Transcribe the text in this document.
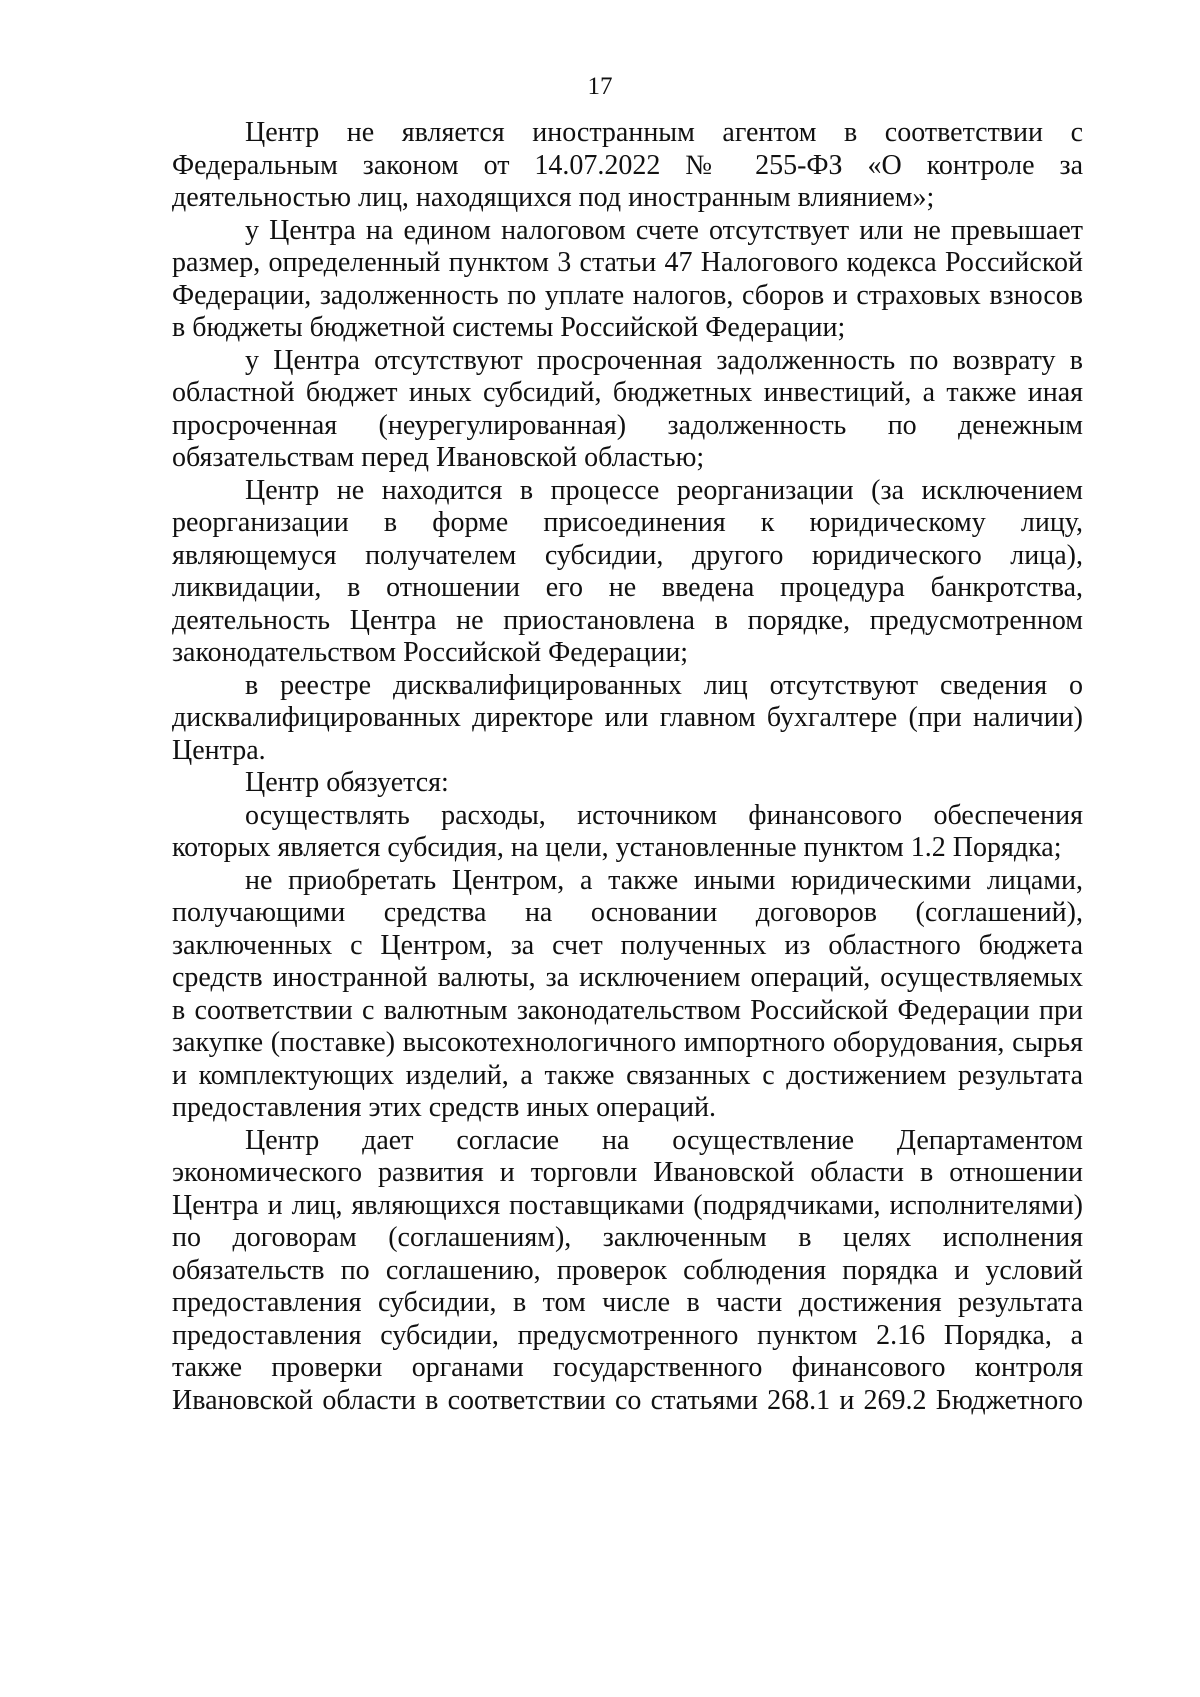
17

Центр не является иностранным агентом в соответствии с Федеральным законом от 14.07.2022 № 255-ФЗ «О контроле за деятельностью лиц, находящихся под иностранным влиянием»;

у Центра на едином налоговом счете отсутствует или не превышает размер, определенный пунктом 3 статьи 47 Налогового кодекса Российской Федерации, задолженность по уплате налогов, сборов и страховых взносов в бюджеты бюджетной системы Российской Федерации;

у Центра отсутствуют просроченная задолженность по возврату в областной бюджет иных субсидий, бюджетных инвестиций, а также иная просроченная (неурегулированная) задолженность по денежным обязательствам перед Ивановской областью;

Центр не находится в процессе реорганизации (за исключением реорганизации в форме присоединения к юридическому лицу, являющемуся получателем субсидии, другого юридического лица), ликвидации, в отношении его не введена процедура банкротства, деятельность Центра не приостановлена в порядке, предусмотренном законодательством Российской Федерации;

в реестре дисквалифицированных лиц отсутствуют сведения о дисквалифицированных директоре или главном бухгалтере (при наличии) Центра.

Центр обязуется:

осуществлять расходы, источником финансового обеспечения которых является субсидия, на цели, установленные пунктом 1.2 Порядка;

не приобретать Центром, а также иными юридическими лицами, получающими средства на основании договоров (соглашений), заключенных с Центром, за счет полученных из областного бюджета средств иностранной валюты, за исключением операций, осуществляемых в соответствии с валютным законодательством Российской Федерации при закупке (поставке) высокотехнологичного импортного оборудования, сырья и комплектующих изделий, а также связанных с достижением результата предоставления этих средств иных операций.

Центр дает согласие на осуществление Департаментом экономического развития и торговли Ивановской области в отношении Центра и лиц, являющихся поставщиками (подрядчиками, исполнителями) по договорам (соглашениям), заключенным в целях исполнения обязательств по соглашению, проверок соблюдения порядка и условий предоставления субсидии, в том числе в части достижения результата предоставления субсидии, предусмотренного пунктом 2.16 Порядка, а также проверки органами государственного финансового контроля Ивановской области в соответствии со статьями 268.1 и 269.2 Бюджетного
